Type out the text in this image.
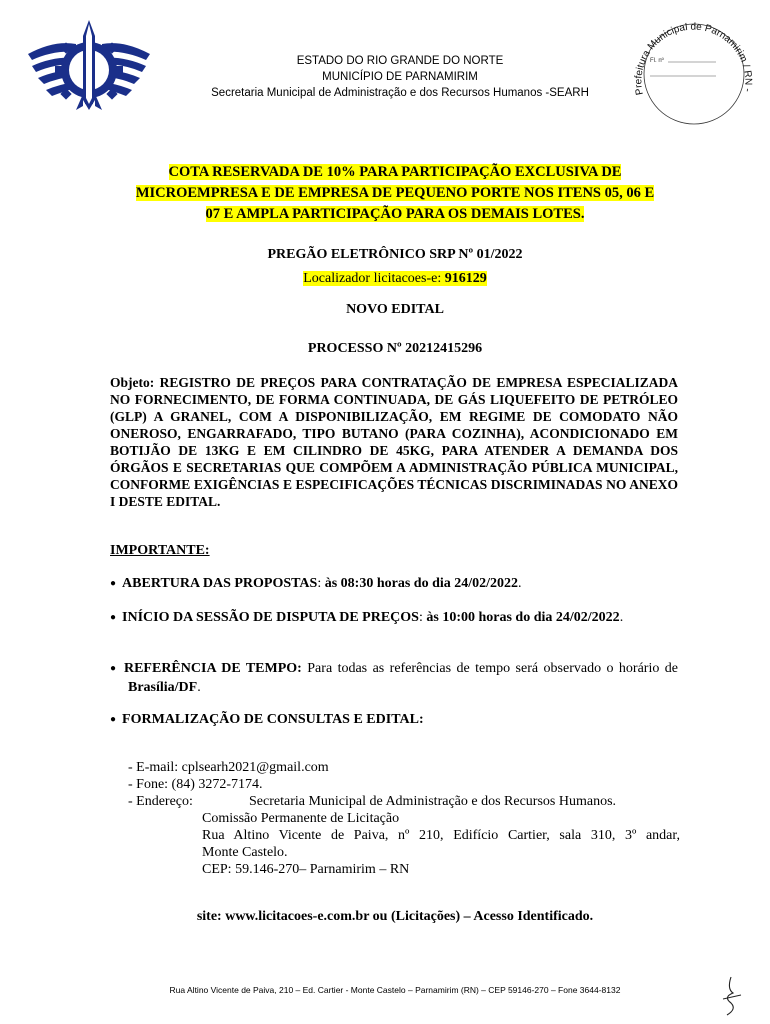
Prefeitura Municipal de Parnamirim / RN -
Fl. nº
ESTADO DO RIO GRANDE DO NORTE
MUNICÍPIO DE PARNAMIRIM
Secretaria Municipal de Administração e dos Recursos Humanos -SEARH
COTA RESERVADA DE 10% PARA PARTICIPAÇÃO EXCLUSIVA DE
MICROEMPRESA E DE EMPRESA DE PEQUENO PORTE NOS ITENS 05, 06 E
07 E AMPLA PARTICIPAÇÃO PARA OS DEMAIS LOTES.
PREGÃO ELETRÔNICO SRP Nº 01/2022
Localizador licitacoes-e: 916129
NOVO EDITAL
PROCESSO Nº 20212415296
Objeto: REGISTRO DE PREÇOS PARA CONTRATAÇÃO DE EMPRESA ESPECIALIZADA NO FORNECIMENTO, DE FORMA CONTINUADA, DE GÁS LIQUEFEITO DE PETRÓLEO (GLP) A GRANEL, COM A DISPONIBILIZAÇÃO, EM REGIME DE COMODATO NÃO ONEROSO, ENGARRAFADO, TIPO BUTANO (PARA COZINHA), ACONDICIONADO EM BOTIJÃO DE 13KG E EM CILINDRO DE 45KG, PARA ATENDER A DEMANDA DOS ÓRGÃOS E SECRETARIAS QUE COMPÕEM A ADMINISTRAÇÃO PÚBLICA MUNICIPAL, CONFORME EXIGÊNCIAS E ESPECIFICAÇÕES TÉCNICAS DISCRIMINADAS NO ANEXO I DESTE EDITAL.
IMPORTANTE:
● ABERTURA DAS PROPOSTAS: às 08:30 horas do dia 24/02/2022.
● INÍCIO DA SESSÃO DE DISPUTA DE PREÇOS: às 10:00 horas do dia 24/02/2022.
● REFERÊNCIA DE TEMPO: Para todas as referências de tempo será observado o horário de Brasília/DF.
● FORMALIZAÇÃO DE CONSULTAS E EDITAL:
- E-mail: cplsearh2021@gmail.com
- Fone: (84) 3272-7174.
- Endereço:	Secretaria Municipal de Administração e dos Recursos Humanos.
Comissão Permanente de Licitação
Rua Altino Vicente de Paiva, nº 210, Edifício Cartier, sala 310, 3º andar,
Monte Castelo.
CEP: 59.146-270– Parnamirim – RN
site: www.licitacoes-e.com.br ou (Licitações) – Acesso Identificado.
Rua Altino Vicente de Paiva, 210 – Ed. Cartier - Monte Castelo – Parnamirim (RN) – CEP 59146-270 – Fone 3644-8132
